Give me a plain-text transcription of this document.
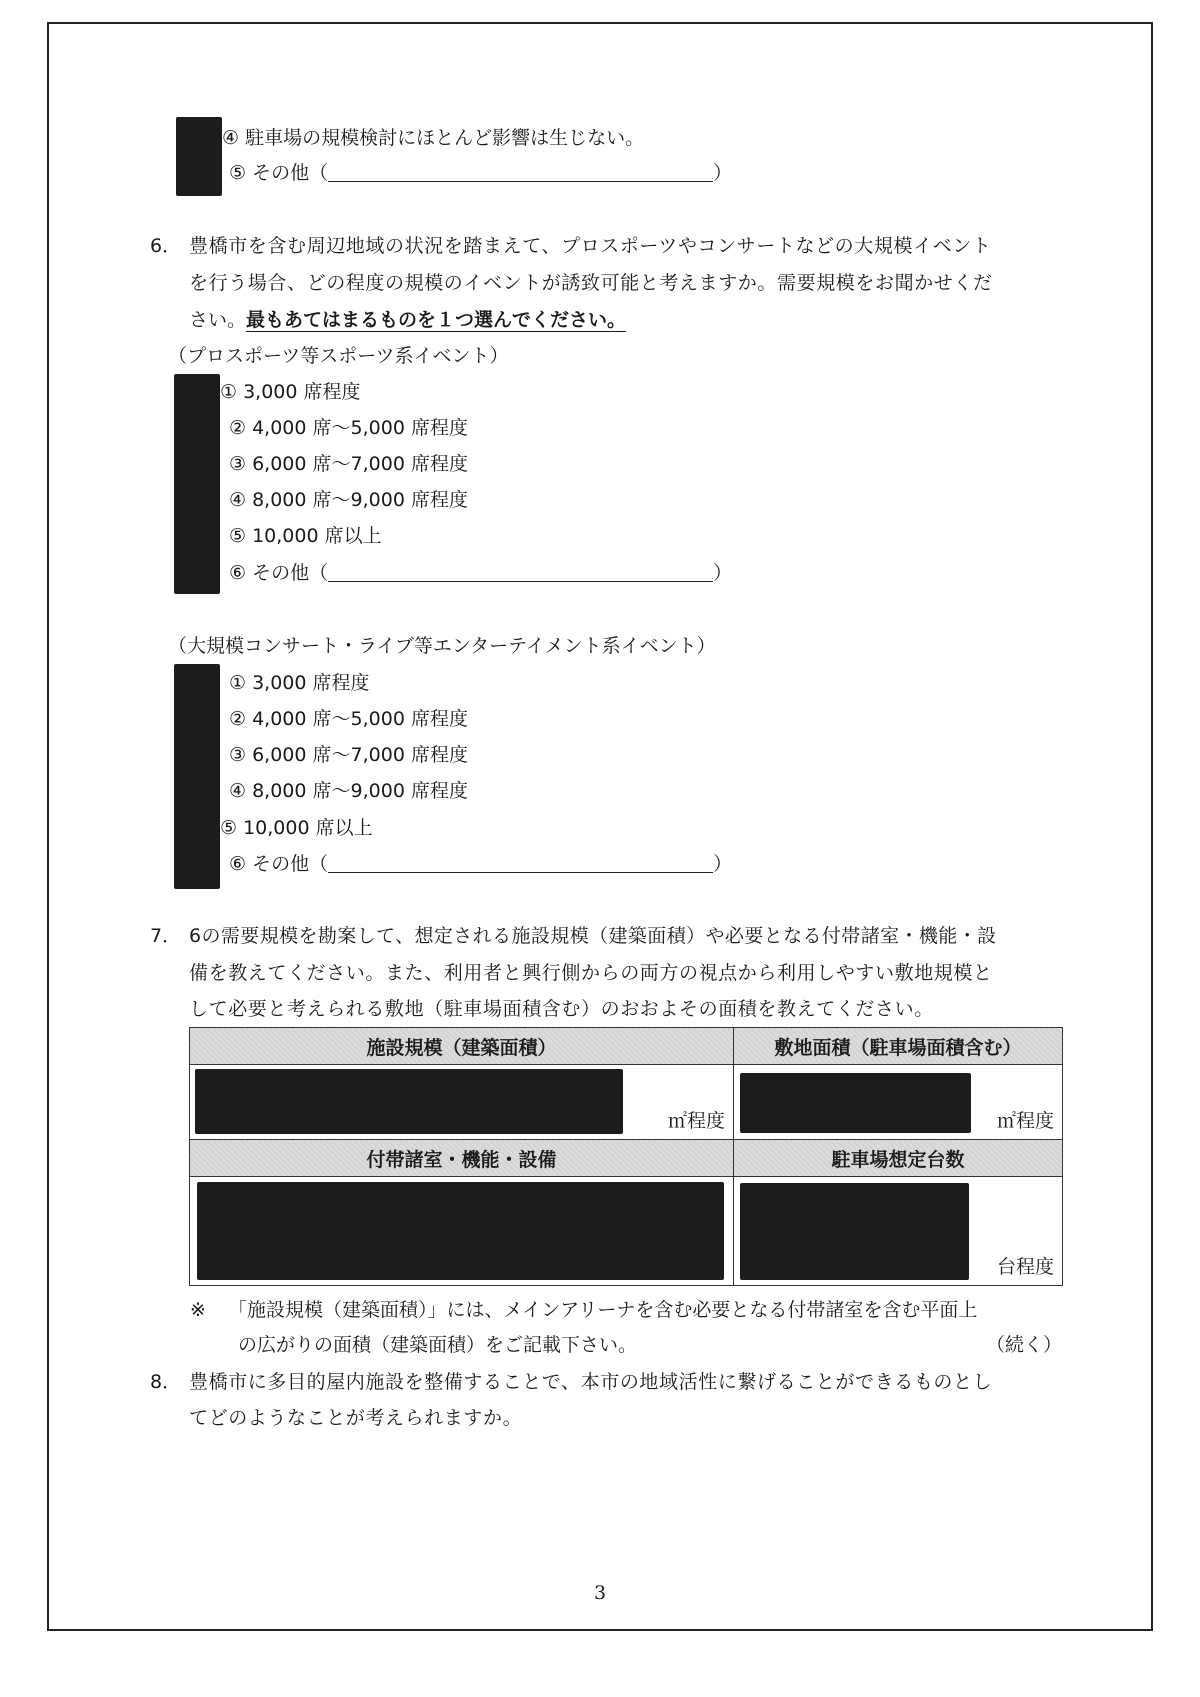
④ 駐車場の規模検討にほとんど影響は生じない。
⑤ その他（	）
6． 豊橋市を含む周辺地域の状況を踏まえて、プロスポーツやコンサートなどの大規模イベント
を行う場合、どの程度の規模のイベントが誘致可能と考えますか。需要規模をお聞かせくだ
さい。最もあてはまるものを１つ選んでください。
（プロスポーツ等スポーツ系イベント）
① 3,000 席程度
② 4,000 席～5,000 席程度
③ 6,000 席～7,000 席程度
④ 8,000 席～9,000 席程度
⑤ 10,000 席以上
⑥ その他（	）
（大規模コンサート・ライブ等エンターテイメント系イベント）
① 3,000 席程度
② 4,000 席～5,000 席程度
③ 6,000 席～7,000 席程度
④ 8,000 席～9,000 席程度
⑤ 10,000 席以上
⑥ その他（	）
7． 6の需要規模を勘案して、想定される施設規模（建築面積）や必要となる付帯諸室・機能・設
備を教えてください。また、利用者と興行側からの両方の視点から利用しやすい敷地規模と
して必要と考えられる敷地（駐車場面積含む）のおおよその面積を教えてください。
施設規模（建築面積）	敷地面積（駐車場面積含む）

㎡程度	㎡程度

付帯諸室・機能・設備	駐車場想定台数

	台程度
※ 「施設規模（建築面積）」には、メインアリーナを含む必要となる付帯諸室を含む平面上
の広がりの面積（建築面積）をご記載下さい。	（続く）
8． 豊橋市に多目的屋内施設を整備することで、本市の地域活性に繋げることができるものとし
てどのようなことが考えられますか。
3
